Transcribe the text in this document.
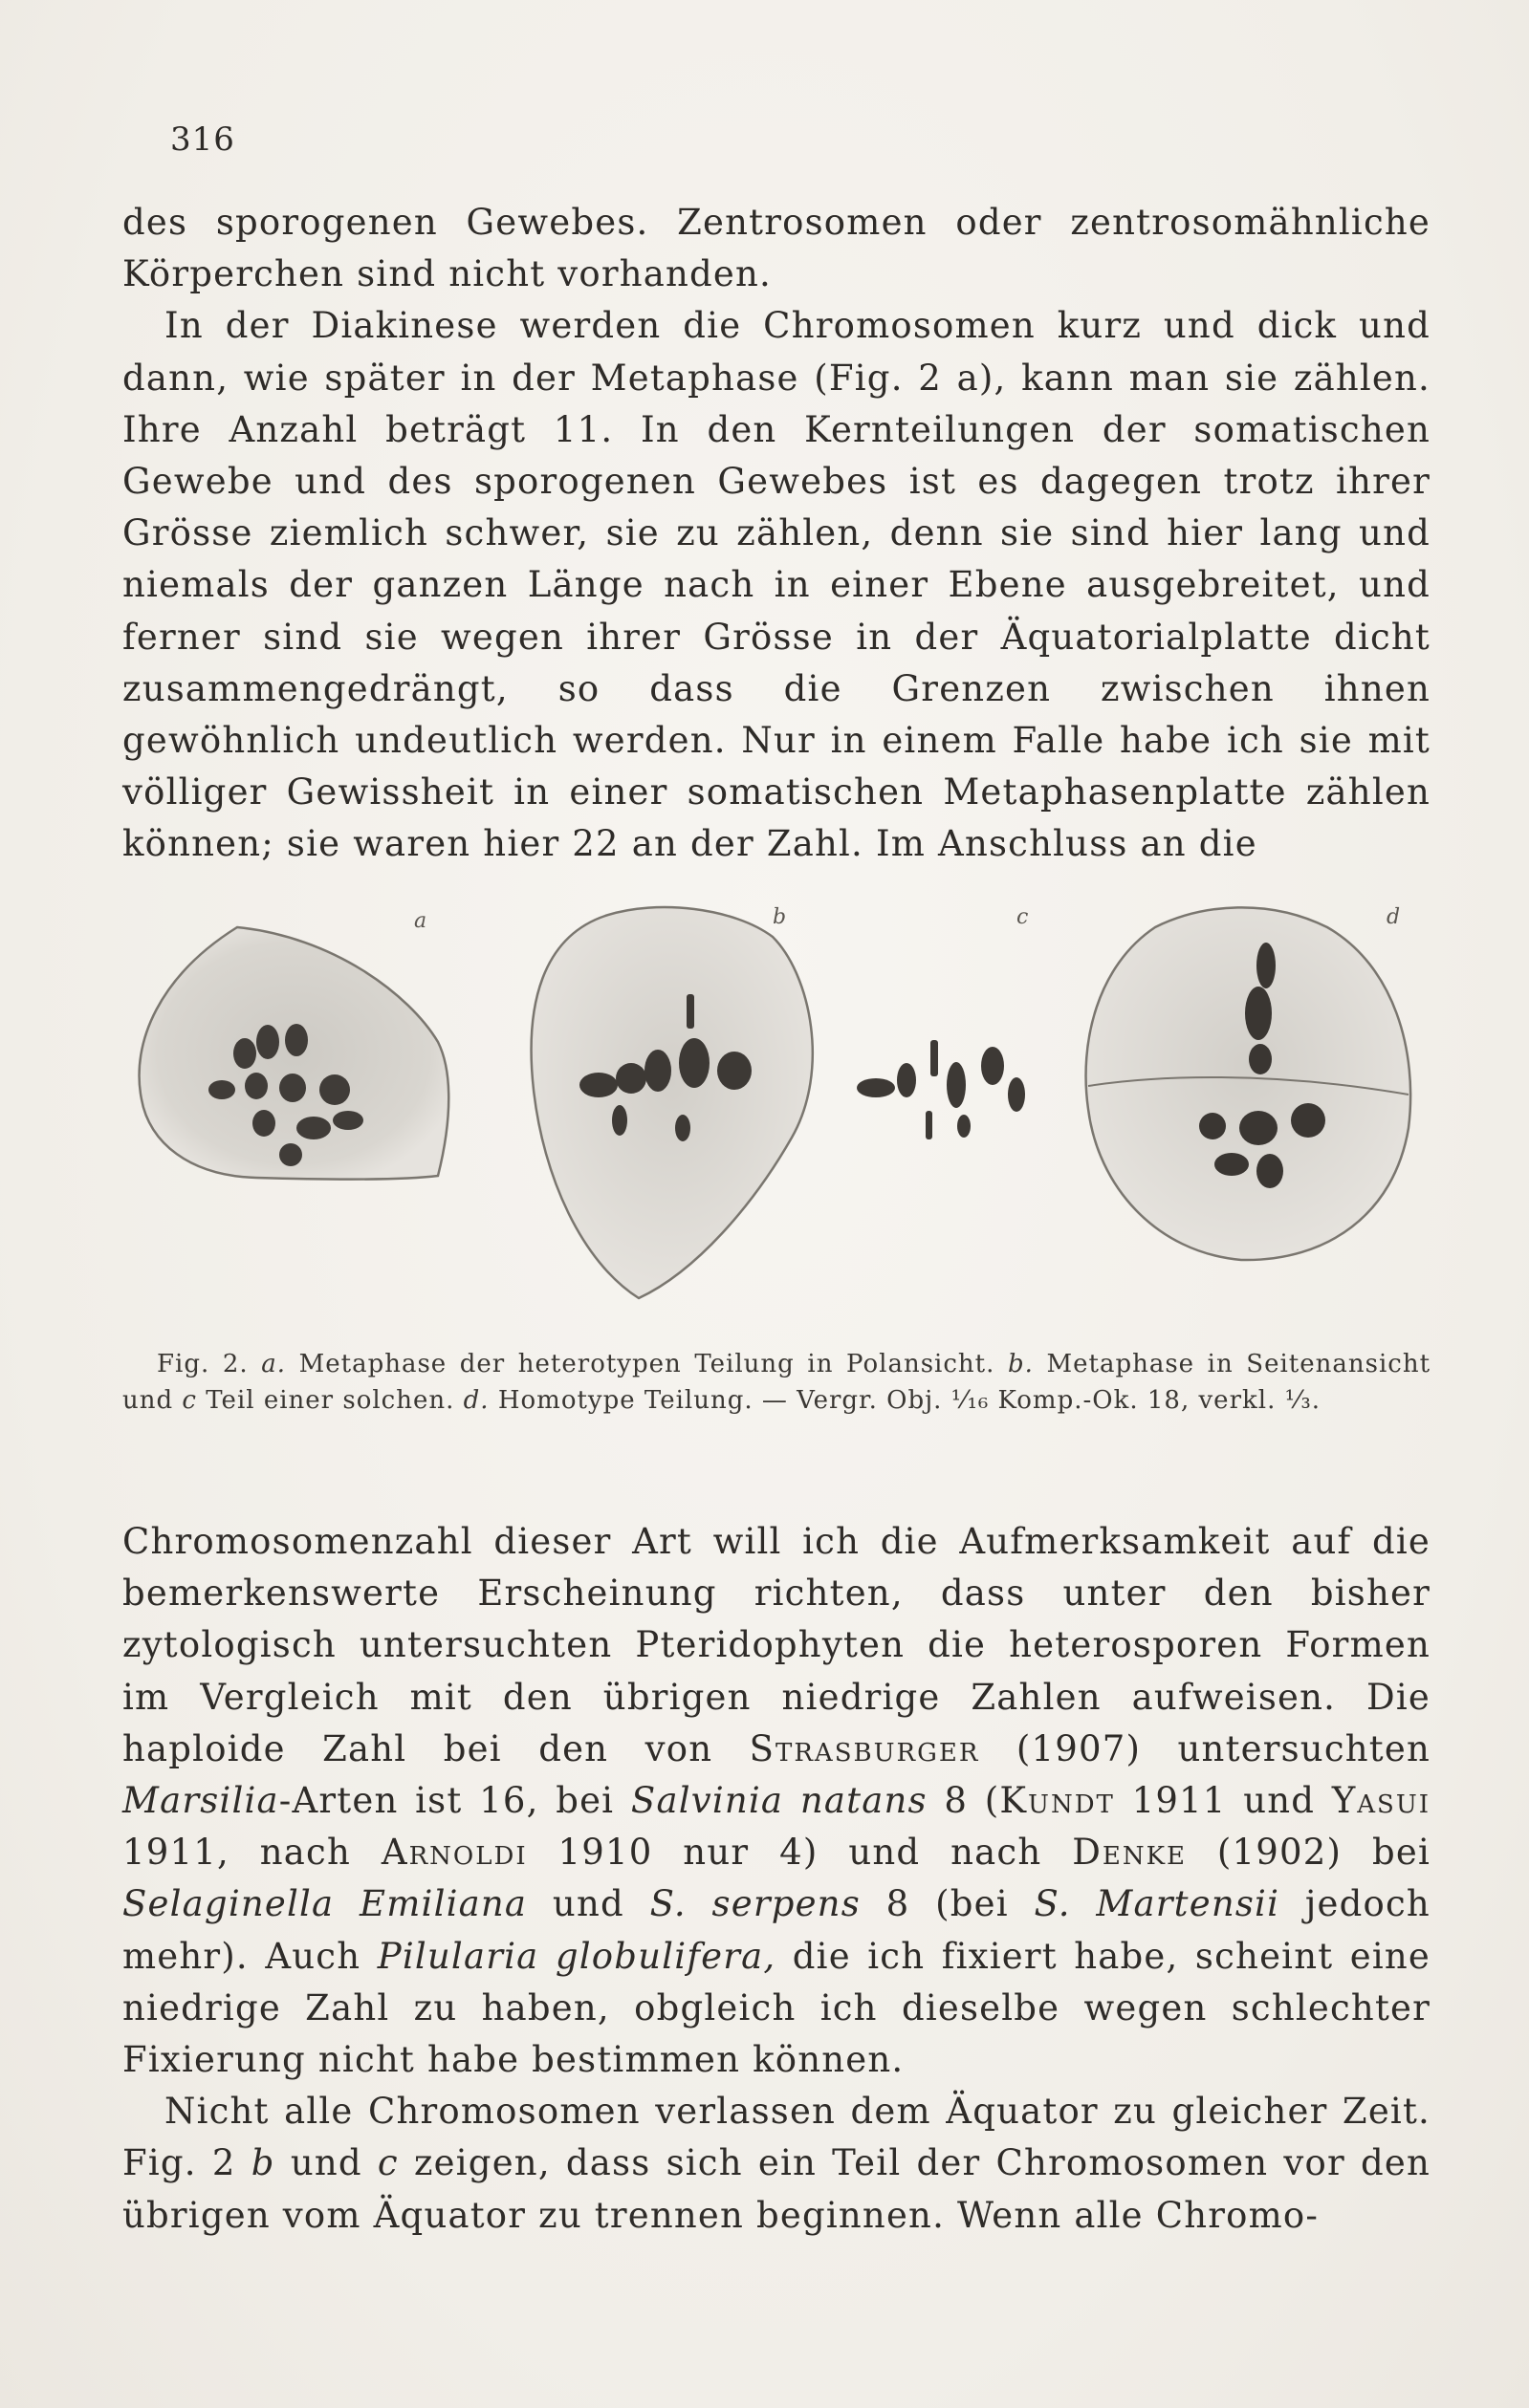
316

des sporogenen Gewebes. Zentrosomen oder zentrosomähnliche Körperchen sind nicht vorhanden.

In der Diakinese werden die Chromosomen kurz und dick und dann, wie später in der Metaphase (Fig. 2 a), kann man sie zählen. Ihre Anzahl beträgt 11. In den Kernteilungen der somatischen Gewebe und des sporogenen Gewebes ist es dagegen trotz ihrer Grösse ziemlich schwer, sie zu zählen, denn sie sind hier lang und niemals der ganzen Länge nach in einer Ebene ausgebreitet, und ferner sind sie wegen ihrer Grösse in der Äquatorialplatte dicht zusammengedrängt, so dass die Grenzen zwischen ihnen gewöhnlich undeutlich werden. Nur in einem Falle habe ich sie mit völliger Gewissheit in einer somatischen Metaphasenplatte zählen können; sie waren hier 22 an der Zahl. Im Anschluss an die

a	b	c	d

Fig. 2. a. Metaphase der heterotypen Teilung in Polansicht. b. Metaphase in Seitenansicht und c Teil einer solchen. d. Homotype Teilung. — Vergr. Obj. ¹⁄₁₆ Komp.-Ok. 18, verkl. ¹⁄₃.

Chromosomenzahl dieser Art will ich die Aufmerksamkeit auf die bemerkenswerte Erscheinung richten, dass unter den bisher zytologisch untersuchten Pteridophyten die heterosporen Formen im Vergleich mit den übrigen niedrige Zahlen aufweisen. Die haploide Zahl bei den von Strasburger (1907) untersuchten Marsilia-Arten ist 16, bei Salvinia natans 8 (Kundt 1911 und Yasui 1911, nach Arnoldi 1910 nur 4) und nach Denke (1902) bei Selaginella Emiliana und S. serpens 8 (bei S. Martensii jedoch mehr). Auch Pilularia globulifera, die ich fixiert habe, scheint eine niedrige Zahl zu haben, obgleich ich dieselbe wegen schlechter Fixierung nicht habe bestimmen können.

Nicht alle Chromosomen verlassen dem Äquator zu gleicher Zeit. Fig. 2 b und c zeigen, dass sich ein Teil der Chromosomen vor den übrigen vom Äquator zu trennen beginnen. Wenn alle Chromo-
